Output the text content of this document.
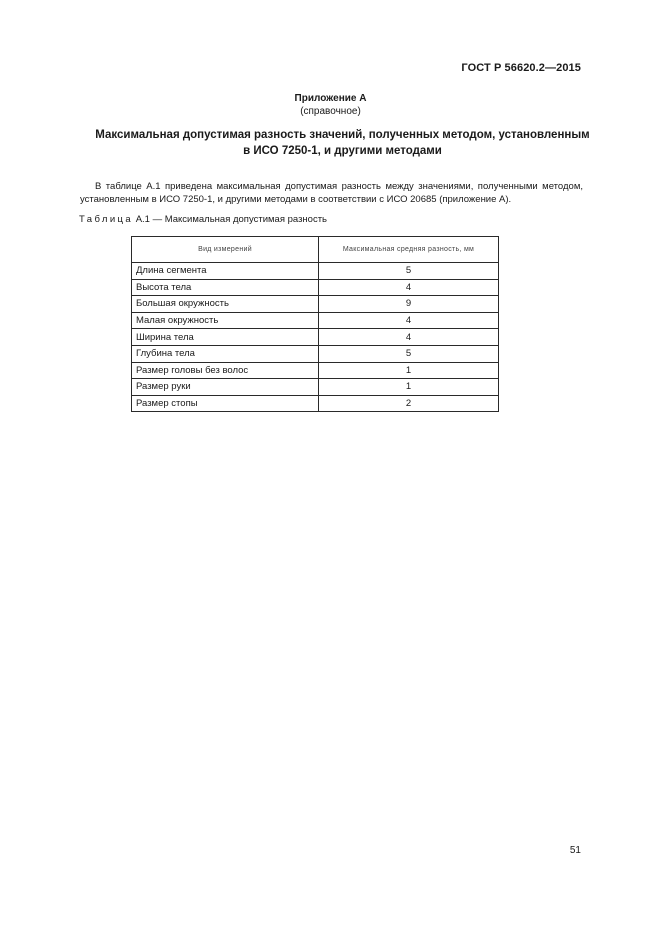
ГОСТ Р 56620.2—2015
Приложение А
(справочное)
Максимальная допустимая разность значений, полученных методом, установленным
в ИСО 7250-1, и другими методами
В таблице А.1 приведена максимальная допустимая разность между значениями, полученными методом, установленным в ИСО 7250-1, и другими методами в соответствии с ИСО 20685 (приложение А).
Таблица А.1 — Максимальная допустимая разность
Вид измерений	Максимальная средняя разность, мм
Длина сегмента	5
Высота тела	4
Большая окружность	9
Малая окружность	4
Ширина тела	4
Глубина тела	5
Размер головы без волос	1
Размер руки	1
Размер стопы	2
51
